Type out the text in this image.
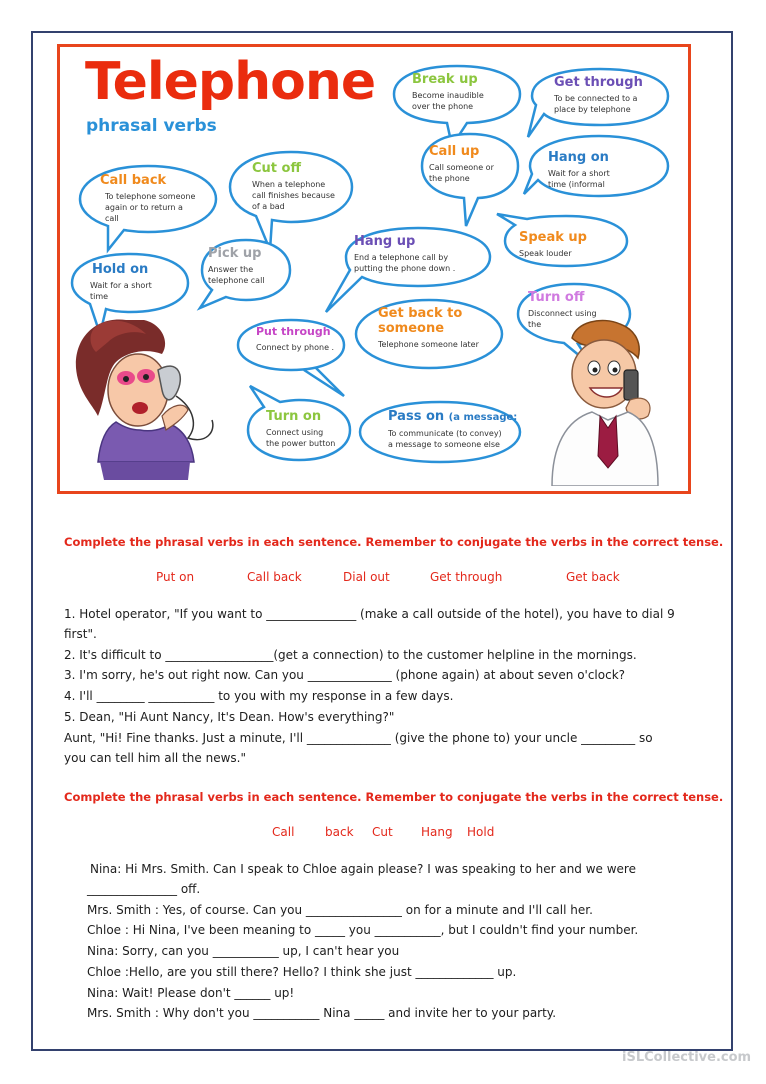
Telephone
phrasal verbs
Break up
Become inaudible over the phone
Get through
To be connected to a place by telephone
Call up
Call someone or the phone
Hang on
Wait for a short time (informal
Cut off
When a telephone call finishes because of a bad
Call back
To telephone someone again or to return a call
Speak up
Speak louder
Hang up
End a telephone call by putting the phone down .
Pick up
Answer the telephone call
Hold on
Wait for a short time	Turn off
Disconnect using the
Get back to someone
Telephone someone later
Put through
Connect by phone .
Turn on
Connect using the power button
Pass on (a message:
To communicate (to convey) a message to someone else
Complete the phrasal verbs in each sentence. Remember to conjugate the verbs in the correct tense.
Put on	Call back	Dial out	Get through	Get back
1. Hotel operator, "If you want to _______________ (make a call outside of the hotel), you have to dial 9
first".
2. It's difficult to __________________(get a connection) to the customer helpline in the mornings.
3. I'm sorry, he's out right now. Can you ______________ (phone again) at about seven o'clock?
4. I'll ________ ___________ to you with my response in a few days.
5. Dean, "Hi Aunt Nancy, It's Dean. How's everything?"
Aunt, "Hi! Fine thanks. Just a minute, I'll ______________ (give the phone to) your uncle _________ so
you can tell him all the news."
Complete the phrasal verbs in each sentence. Remember to conjugate the verbs in the correct tense.
Call	back Cut Hang Hold
Nina: Hi Mrs. Smith. Can I speak to Chloe again please? I was speaking to her and we were
_______________ off.
Mrs. Smith : Yes, of course. Can you ________________ on for a minute and I'll call her.
Chloe : Hi Nina, I've been meaning to _____ you ___________, but I couldn't find your number.
Nina: Sorry, can you ___________ up, I can't hear you
Chloe :Hello, are you still there? Hello? I think she just _____________ up.
Nina: Wait! Please don't ______ up!
Mrs. Smith : Why don't you ___________ Nina _____ and invite her to your party.
iSLCollective.com
